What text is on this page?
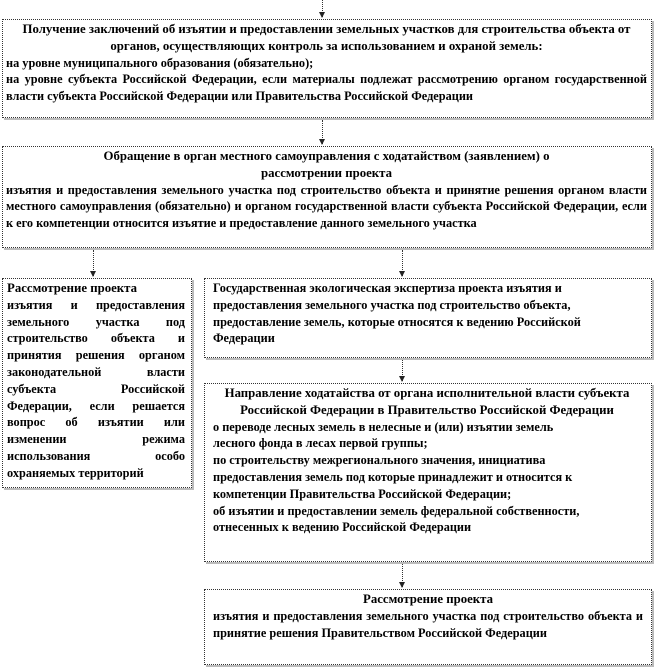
Получение заключений об изъятии и предоставлении земельных участков для строительства объекта от органов, осуществляющих контроль за использованием и охраной земель:
на уровне муниципального образования (обязательно);
на уровне субъекта Российской Федерации, если материалы подлежат рассмотрению органом государственной власти субъекта Российской Федерации или Правительства Российской Федерации
Обращение в орган местного самоуправления с ходатайством (заявлением) о рассмотрении проекта
изъятия и предоставления земельного участка под строительство объекта и принятие решения органом власти местного самоуправления (обязательно) и органом государственной власти субъекта Российской Федерации, если к его компетенции относится изъятие и предоставление данного земельного участка
Рассмотрение проекта
изъятия и предоставления земельного участка под строительство объекта и принятия решения органом законодательной власти субъекта Российской Федерации, если решается вопрос об изъятии или изменении режима использования особо охраняемых территорий
Государственная экологическая экспертиза проекта изъятия и предоставления земельного участка под строительство объекта, предоставление земель, которые относятся к ведению Российской Федерации
Направление ходатайства от органа исполнительной власти субъекта Российской Федерации в Правительство Российской Федерации
о переводе лесных земель в нелесные и (или) изъятии земель лесного фонда в лесах первой группы;
по строительству межрегионального значения, инициатива предоставления земель под которые принадлежит и относится к компетенции Правительства Российской Федерации;
об изъятии и предоставлении земель федеральной собственности, отнесенных к ведению Российской Федерации
Рассмотрение проекта
изъятия и предоставления земельного участка под строительство объекта и принятие решения Правительством Российской Федерации
